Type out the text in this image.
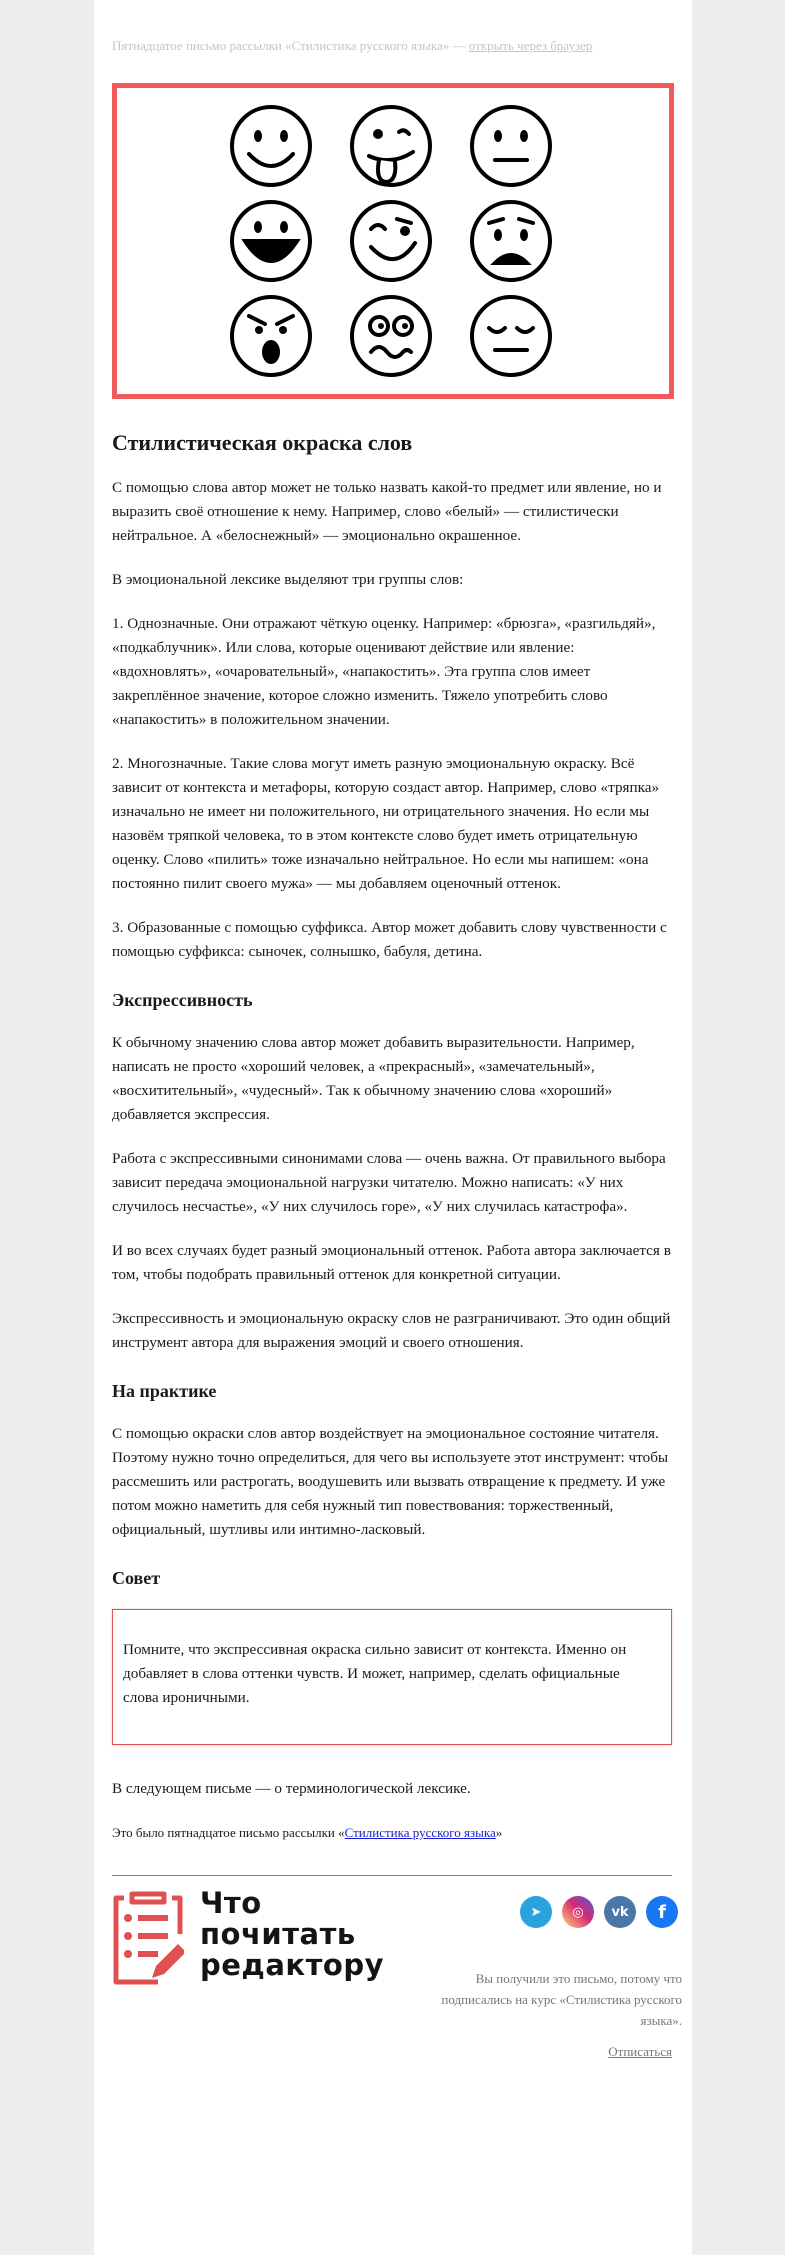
Пятнадцатое письмо рассылки «Стилистика русского языка» — открыть через браузер
Стилистическая окраска слов

С помощью слова автор может не только назвать какой-то предмет или явление, но и выразить своё отношение к нему. Например, слово «белый» — стилистически нейтральное. А «белоснежный» — эмоционально окрашенное.

В эмоциональной лексике выделяют три группы слов:

1. Однозначные. Они отражают чёткую оценку. Например: «брюзга», «разгильдяй», «подкаблучник». Или слова, которые оценивают действие или явление: «вдохновлять», «очаровательный», «напакостить». Эта группа слов имеет закреплённое значение, которое сложно изменить. Тяжело употребить слово «напакостить» в положительном значении.

2. Многозначные. Такие слова могут иметь разную эмоциональную окраску. Всё зависит от контекста и метафоры, которую создаст автор. Например, слово «тряпка» изначально не имеет ни положительного, ни отрицательного значения. Но если мы назовём тряпкой человека, то в этом контексте слово будет иметь отрицательную оценку. Слово «пилить» тоже изначально нейтральное. Но если мы напишем: «она постоянно пилит своего мужа» — мы добавляем оценочный оттенок.

3. Образованные с помощью суффикса. Автор может добавить слову чувственности с помощью суффикса: сыночек, солнышко, бабуля, детина.

Экспрессивность

К обычному значению слова автор может добавить выразительности. Например, написать не просто «хороший человек, а «прекрасный», «замечательный», «восхитительный», «чудесный». Так к обычному значению слова «хороший» добавляется экспрессия.

Работа с экспрессивными синонимами слова — очень важна. От правильного выбора зависит передача эмоциональной нагрузки читателю. Можно написать: «У них случилось несчастье», «У них случилось горе», «У них случилась катастрофа».

И во всех случаях будет разный эмоциональный оттенок. Работа автора заключается в том, чтобы подобрать правильный оттенок для конкретной ситуации.

Экспрессивность и эмоциональную окраску слов не разграничивают. Это один общий инструмент автора для выражения эмоций и своего отношения.

На практике

С помощью окраски слов автор воздействует на эмоциональное состояние читателя. Поэтому нужно точно определиться, для чего вы используете этот инструмент: чтобы рассмешить или растрогать, воодушевить или вызвать отвращение к предмету. И уже потом можно наметить для себя нужный тип повествования: торжественный, официальный, шутливы или интимно-ласковый.

Совет

Помните, что экспрессивная окраска сильно зависит от контекста. Именно он добавляет в слова оттенки чувств. И может, например, сделать официальные слова ироничными.

В следующем письме — о терминологической лексике.

Это было пятнадцатое письмо рассылки «Стилистика русского языка»

Что
почитать
редактору
➤	◎	vk	f
Вы получили это письмо, потому что подписались на курс «Стилистика русского языка».
Отписаться
